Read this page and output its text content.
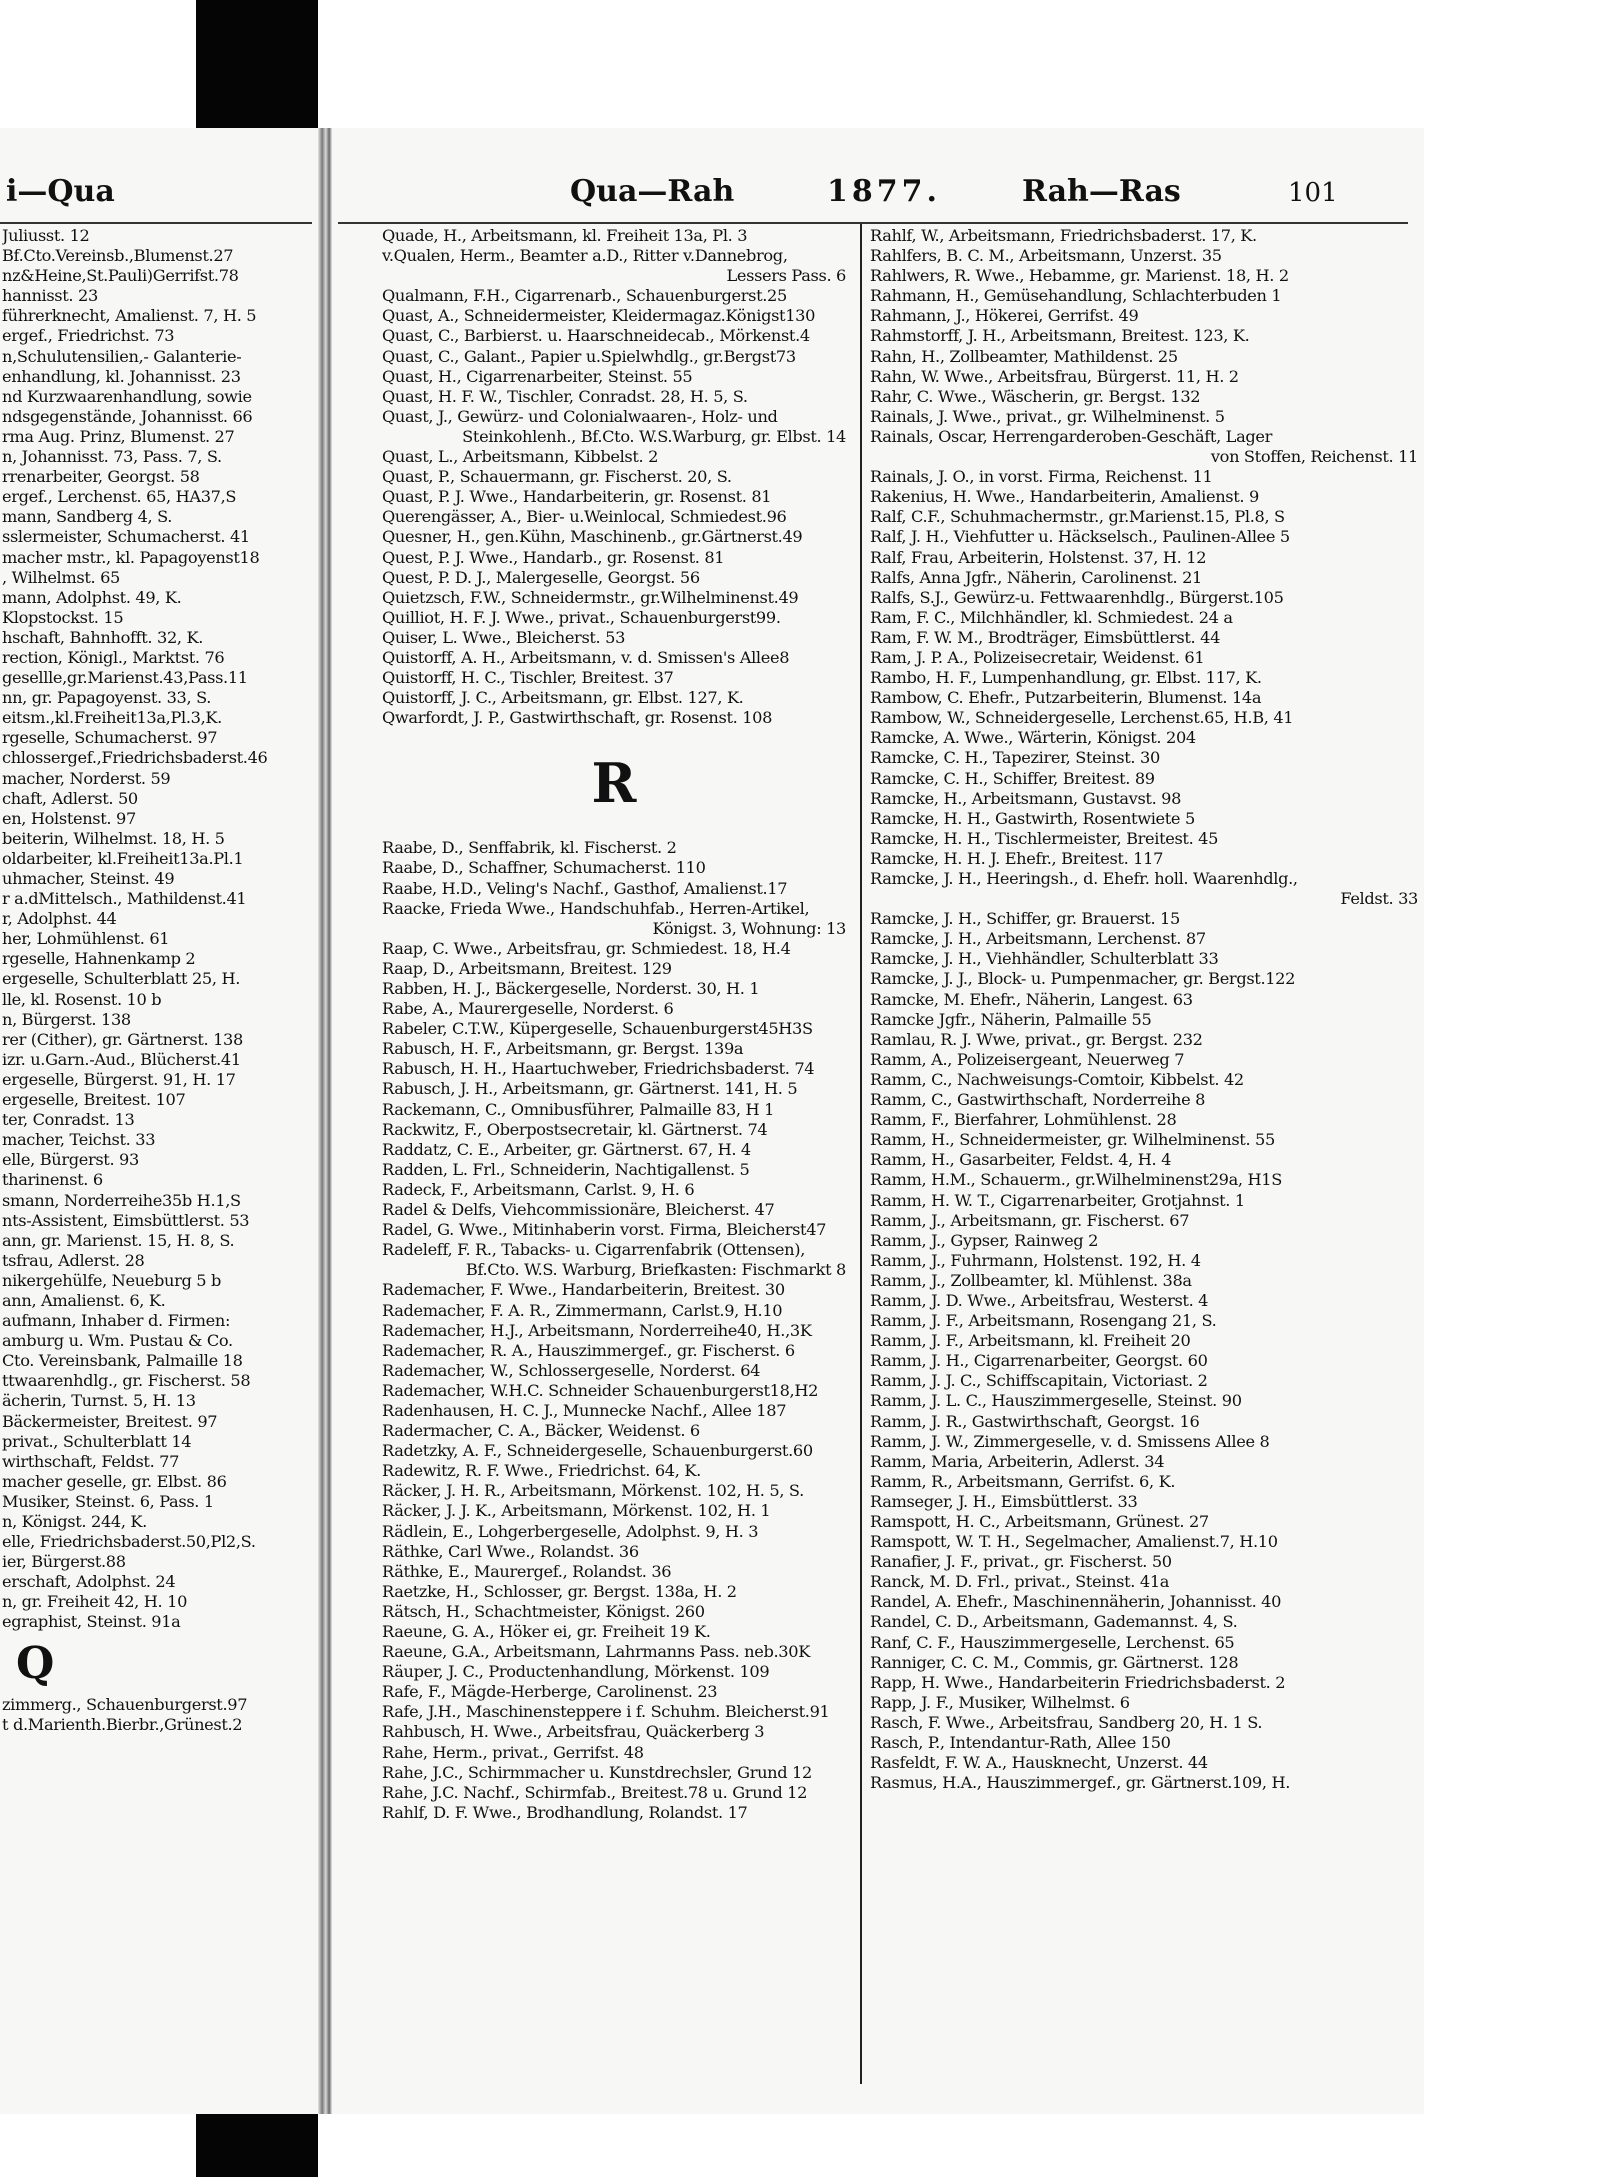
i—Qua
Juliusst. 12
Bf.Cto.Vereinsb.,Blumenst.27
nz&Heine,St.Pauli)Gerrifst.78
hannisst. 23
führerknecht, Amalienst. 7, H. 5
ergef., Friedrichst. 73
n,Schulutensilien,- Galanterie-
enhandlung, kl. Johannisst. 23
nd Kurzwaarenhandlung, sowie
ndsgegenstände, Johannisst. 66
rma Aug. Prinz, Blumenst. 27
n, Johannisst. 73, Pass. 7, S.
rrenarbeiter, Georgst. 58
ergef., Lerchenst. 65, HA37,S
mann, Sandberg 4, S.
sslermeister, Schumacherst. 41
macher mstr., kl. Papagoyenst18
, Wilhelmst. 65
mann, Adolphst. 49, K.
Klopstockst. 15
hschaft, Bahnhofft. 32, K.
rection, Königl., Marktst. 76
gesellle,gr.Marienst.43,Pass.11
nn, gr. Papagoyenst. 33, S.
eitsm.,kl.Freiheit13a,Pl.3,K.
rgeselle, Schumacherst. 97
chlossergef.,Friedrichsbaderst.46
macher, Norderst. 59
chaft, Adlerst. 50
en, Holstenst. 97
beiterin, Wilhelmst. 18, H. 5
oldarbeiter, kl.Freiheit13a.Pl.1
uhmacher, Steinst. 49
r a.dMittelsch., Mathildenst.41
r, Adolphst. 44
her, Lohmühlenst. 61
rgeselle, Hahnenkamp 2
ergeselle, Schulterblatt 25, H.
lle, kl. Rosenst. 10 b
n, Bürgerst. 138
rer (Cither), gr. Gärtnerst. 138
izr. u.Garn.-Aud., Blücherst.41
ergeselle, Bürgerst. 91, H. 17
ergeselle, Breitest. 107
ter, Conradst. 13
macher, Teichst. 33
elle, Bürgerst. 93
tharinenst. 6
smann, Norderreihe35b H.1,S
nts-Assistent, Eimsbüttlerst. 53
ann, gr. Marienst. 15, H. 8, S.
tsfrau, Adlerst. 28
nikergehülfe, Neueburg 5 b
ann, Amalienst. 6, K.
aufmann, Inhaber d. Firmen:
amburg u. Wm. Pustau & Co.
Cto. Vereinsbank, Palmaille 18
ttwaarenhdlg., gr. Fischerst. 58
ächerin, Turnst. 5, H. 13
Bäckermeister, Breitest. 97
privat., Schulterblatt 14
wirthschaft, Feldst. 77
macher geselle, gr. Elbst. 86
Musiker, Steinst. 6, Pass. 1
n, Königst. 244, K.
elle, Friedrichsbaderst.50,Pl2,S.
ier, Bürgerst.88
erschaft, Adolphst. 24
n, gr. Freiheit 42, H. 10
egraphist, Steinst. 91a
Q
zimmerg., Schauenburgerst.97
t d.Marienth.Bierbr.,Grünest.2
Qua—Rah	1877.	Rah—Ras	101
Quade, H., Arbeitsmann, kl. Freiheit 13a, Pl. 3
v.Qualen, Herm., Beamter a.D., Ritter v.Dannebrog,
Lessers Pass. 6
Qualmann, F.H., Cigarrenarb., Schauenburgerst.25
Quast, A., Schneidermeister, Kleidermagaz.Königst130
Quast, C., Barbierst. u. Haarschneidecab., Mörkenst.4
Quast, C., Galant., Papier u.Spielwhdlg., gr.Bergst73
Quast, H., Cigarrenarbeiter, Steinst. 55
Quast, H. F. W., Tischler, Conradst. 28, H. 5, S.
Quast, J., Gewürz- und Colonialwaaren-, Holz- und
Steinkohlenh., Bf.Cto. W.S.Warburg, gr. Elbst. 14
Quast, L., Arbeitsmann, Kibbelst. 2
Quast, P., Schauermann, gr. Fischerst. 20, S.
Quast, P. J. Wwe., Handarbeiterin, gr. Rosenst. 81
Querengässer, A., Bier- u.Weinlocal, Schmiedest.96
Quesner, H., gen.Kühn, Maschinenb., gr.Gärtnerst.49
Quest, P. J. Wwe., Handarb., gr. Rosenst. 81
Quest, P. D. J., Malergeselle, Georgst. 56
Quietzsch, F.W., Schneidermstr., gr.Wilhelminenst.49
Quilliot, H. F. J. Wwe., privat., Schauenburgerst99.
Quiser, L. Wwe., Bleicherst. 53
Quistorff, A. H., Arbeitsmann, v. d. Smissen's Allee8
Quistorff, H. C., Tischler, Breitest. 37
Quistorff, J. C., Arbeitsmann, gr. Elbst. 127, K.
Qwarfordt, J. P., Gastwirthschaft, gr. Rosenst. 108
R
Raabe, D., Senffabrik, kl. Fischerst. 2
Raabe, D., Schaffner, Schumacherst. 110
Raabe, H.D., Veling's Nachf., Gasthof, Amalienst.17
Raacke, Frieda Wwe., Handschuhfab., Herren-Artikel,
Königst. 3, Wohnung: 13
Raap, C. Wwe., Arbeitsfrau, gr. Schmiedest. 18, H.4
Raap, D., Arbeitsmann, Breitest. 129
Rabben, H. J., Bäckergeselle, Norderst. 30, H. 1
Rabe, A., Maurergeselle, Norderst. 6
Rabeler, C.T.W., Küpergeselle, Schauenburgerst45H3S
Rabusch, H. F., Arbeitsmann, gr. Bergst. 139a
Rabusch, H. H., Haartuchweber, Friedrichsbaderst. 74
Rabusch, J. H., Arbeitsmann, gr. Gärtnerst. 141, H. 5
Rackemann, C., Omnibusführer, Palmaille 83, H 1
Rackwitz, F., Oberpostsecretair, kl. Gärtnerst. 74
Raddatz, C. E., Arbeiter, gr. Gärtnerst. 67, H. 4
Radden, L. Frl., Schneiderin, Nachtigallenst. 5
Radeck, F., Arbeitsmann, Carlst. 9, H. 6
Radel & Delfs, Viehcommissionäre, Bleicherst. 47
Radel, G. Wwe., Mitinhaberin vorst. Firma, Bleicherst47
Radeleff, F. R., Tabacks- u. Cigarrenfabrik (Ottensen),
Bf.Cto. W.S. Warburg, Briefkasten: Fischmarkt 8
Rademacher, F. Wwe., Handarbeiterin, Breitest. 30
Rademacher, F. A. R., Zimmermann, Carlst.9, H.10
Rademacher, H.J., Arbeitsmann, Norderreihe40, H.,3K
Rademacher, R. A., Hauszimmergef., gr. Fischerst. 6
Rademacher, W., Schlossergeselle, Norderst. 64
Rademacher, W.H.C. Schneider Schauenburgerst18,H2
Radenhausen, H. C. J., Munnecke Nachf., Allee 187
Radermacher, C. A., Bäcker, Weidenst. 6
Radetzky, A. F., Schneidergeselle, Schauenburgerst.60
Radewitz, R. F. Wwe., Friedrichst. 64, K.
Räcker, J. H. R., Arbeitsmann, Mörkenst. 102, H. 5, S.
Räcker, J. J. K., Arbeitsmann, Mörkenst. 102, H. 1
Rädlein, E., Lohgerbergeselle, Adolphst. 9, H. 3
Räthke, Carl Wwe., Rolandst. 36
Räthke, E., Maurergef., Rolandst. 36
Raetzke, H., Schlosser, gr. Bergst. 138a, H. 2
Rätsch, H., Schachtmeister, Königst. 260
Raeune, G. A., Höker ei, gr. Freiheit 19 K.
Raeune, G.A., Arbeitsmann, Lahrmanns Pass. neb.30K
Räuper, J. C., Productenhandlung, Mörkenst. 109
Rafe, F., Mägde-Herberge, Carolinenst. 23
Rafe, J.H., Maschinensteppere i f. Schuhm. Bleicherst.91
Rahbusch, H. Wwe., Arbeitsfrau, Quäckerberg 3
Rahe, Herm., privat., Gerrifst. 48
Rahe, J.C., Schirmmacher u. Kunstdrechsler, Grund 12
Rahe, J.C. Nachf., Schirmfab., Breitest.78 u. Grund 12
Rahlf, D. F. Wwe., Brodhandlung, Rolandst. 17
Rahlf, W., Arbeitsmann, Friedrichsbaderst. 17, K.
Rahlfers, B. C. M., Arbeitsmann, Unzerst. 35
Rahlwers, R. Wwe., Hebamme, gr. Marienst. 18, H. 2
Rahmann, H., Gemüsehandlung, Schlachterbuden 1
Rahmann, J., Hökerei, Gerrifst. 49
Rahmstorff, J. H., Arbeitsmann, Breitest. 123, K.
Rahn, H., Zollbeamter, Mathildenst. 25
Rahn, W. Wwe., Arbeitsfrau, Bürgerst. 11, H. 2
Rahr, C. Wwe., Wäscherin, gr. Bergst. 132
Rainals, J. Wwe., privat., gr. Wilhelminenst. 5
Rainals, Oscar, Herrengarderoben-Geschäft, Lager
von Stoffen, Reichenst. 11
Rainals, J. O., in vorst. Firma, Reichenst. 11
Rakenius, H. Wwe., Handarbeiterin, Amalienst. 9
Ralf, C.F., Schuhmachermstr., gr.Marienst.15, Pl.8, S
Ralf, J. H., Viehfutter u. Häckselsch., Paulinen-Allee 5
Ralf, Frau, Arbeiterin, Holstenst. 37, H. 12
Ralfs, Anna Jgfr., Näherin, Carolinenst. 21
Ralfs, S.J., Gewürz-u. Fettwaarenhdlg., Bürgerst.105
Ram, F. C., Milchhändler, kl. Schmiedest. 24 a
Ram, F. W. M., Brodträger, Eimsbüttlerst. 44
Ram, J. P. A., Polizeisecretair, Weidenst. 61
Rambo, H. F., Lumpenhandlung, gr. Elbst. 117, K.
Rambow, C. Ehefr., Putzarbeiterin, Blumenst. 14a
Rambow, W., Schneidergeselle, Lerchenst.65, H.B, 41
Ramcke, A. Wwe., Wärterin, Königst. 204
Ramcke, C. H., Tapezirer, Steinst. 30
Ramcke, C. H., Schiffer, Breitest. 89
Ramcke, H., Arbeitsmann, Gustavst. 98
Ramcke, H. H., Gastwirth, Rosentwiete 5
Ramcke, H. H., Tischlermeister, Breitest. 45
Ramcke, H. H. J. Ehefr., Breitest. 117
Ramcke, J. H., Heeringsh., d. Ehefr. holl. Waarenhdlg.,
Feldst. 33
Ramcke, J. H., Schiffer, gr. Brauerst. 15
Ramcke, J. H., Arbeitsmann, Lerchenst. 87
Ramcke, J. H., Viehhändler, Schulterblatt 33
Ramcke, J. J., Block- u. Pumpenmacher, gr. Bergst.122
Ramcke, M. Ehefr., Näherin, Langest. 63
Ramcke Jgfr., Näherin, Palmaille 55
Ramlau, R. J. Wwe, privat., gr. Bergst. 232
Ramm, A., Polizeisergeant, Neuerweg 7
Ramm, C., Nachweisungs-Comtoir, Kibbelst. 42
Ramm, C., Gastwirthschaft, Norderreihe 8
Ramm, F., Bierfahrer, Lohmühlenst. 28
Ramm, H., Schneidermeister, gr. Wilhelminenst. 55
Ramm, H., Gasarbeiter, Feldst. 4, H. 4
Ramm, H.M., Schauerm., gr.Wilhelminenst29a, H1S
Ramm, H. W. T., Cigarrenarbeiter, Grotjahnst. 1
Ramm, J., Arbeitsmann, gr. Fischerst. 67
Ramm, J., Gypser, Rainweg 2
Ramm, J., Fuhrmann, Holstenst. 192, H. 4
Ramm, J., Zollbeamter, kl. Mühlenst. 38a
Ramm, J. D. Wwe., Arbeitsfrau, Westerst. 4
Ramm, J. F., Arbeitsmann, Rosengang 21, S.
Ramm, J. F., Arbeitsmann, kl. Freiheit 20
Ramm, J. H., Cigarrenarbeiter, Georgst. 60
Ramm, J. J. C., Schiffscapitain, Victoriast. 2
Ramm, J. L. C., Hauszimmergeselle, Steinst. 90
Ramm, J. R., Gastwirthschaft, Georgst. 16
Ramm, J. W., Zimmergeselle, v. d. Smissens Allee 8
Ramm, Maria, Arbeiterin, Adlerst. 34
Ramm, R., Arbeitsmann, Gerrifst. 6, K.
Ramseger, J. H., Eimsbüttlerst. 33
Ramspott, H. C., Arbeitsmann, Grünest. 27
Ramspott, W. T. H., Segelmacher, Amalienst.7, H.10
Ranafier, J. F., privat., gr. Fischerst. 50
Ranck, M. D. Frl., privat., Steinst. 41a
Randel, A. Ehefr., Maschinennäherin, Johannisst. 40
Randel, C. D., Arbeitsmann, Gademannst. 4, S.
Ranf, C. F., Hauszimmergeselle, Lerchenst. 65
Ranniger, C. C. M., Commis, gr. Gärtnerst. 128
Rapp, H. Wwe., Handarbeiterin Friedrichsbaderst. 2
Rapp, J. F., Musiker, Wilhelmst. 6
Rasch, F. Wwe., Arbeitsfrau, Sandberg 20, H. 1 S.
Rasch, P., Intendantur-Rath, Allee 150
Rasfeldt, F. W. A., Hausknecht, Unzerst. 44
Rasmus, H.A., Hauszimmergef., gr. Gärtnerst.109, H.
